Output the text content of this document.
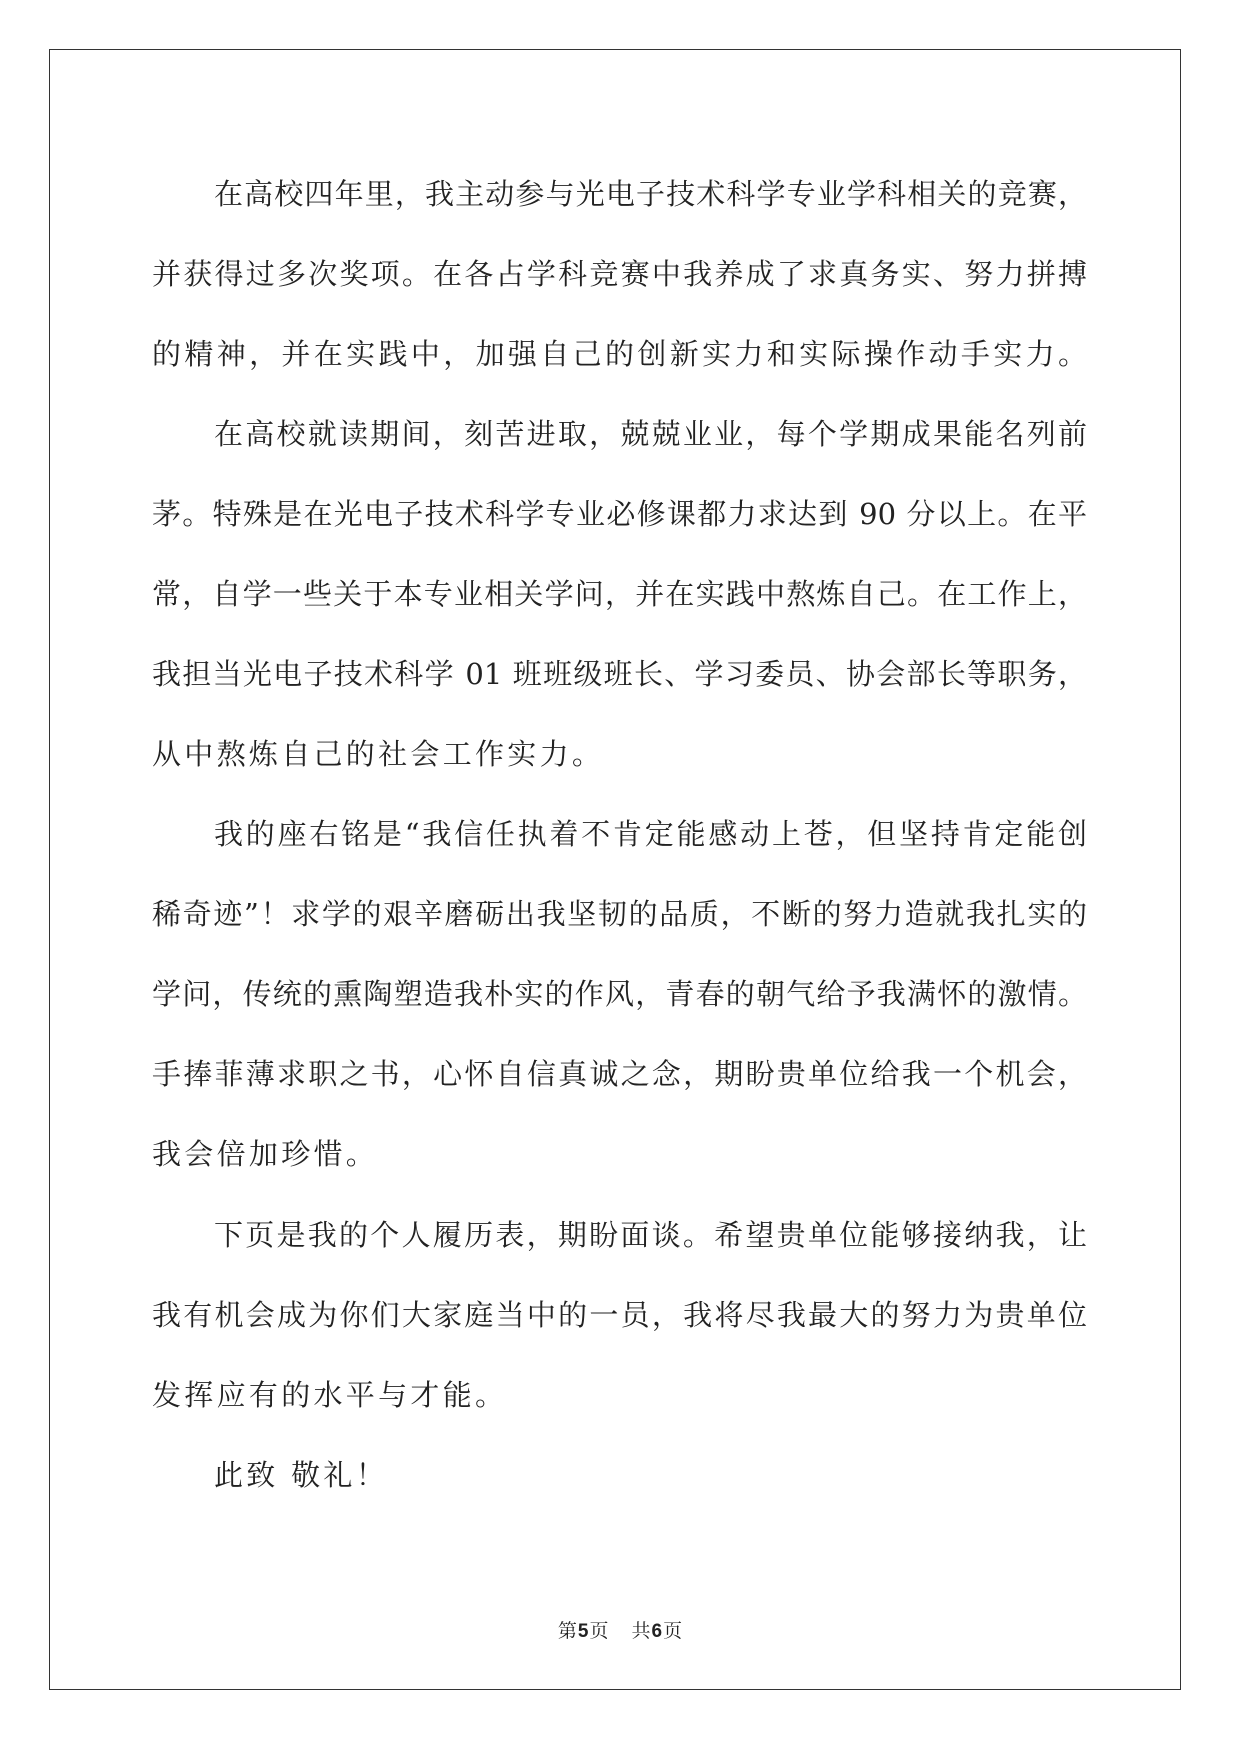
在高校四年里，我主动参与光电子技术科学专业学科相关的竞赛，
并获得过多次奖项。在各占学科竞赛中我养成了求真务实、努力拼搏
的精神，并在实践中，加强自己的创新实力和实际操作动手实力。
在高校就读期间，刻苦进取，兢兢业业，每个学期成果能名列前
茅。特殊是在光电子技术科学专业必修课都力求达到 90 分以上。在平
常，自学一些关于本专业相关学问，并在实践中熬炼自己。在工作上，
我担当光电子技术科学 01 班班级班长、学习委员、协会部长等职务，
从中熬炼自己的社会工作实力。
我的座右铭是“我信任执着不肯定能感动上苍，但坚持肯定能创
稀奇迹”！求学的艰辛磨砺出我坚韧的品质，不断的努力造就我扎实的
学问，传统的熏陶塑造我朴实的作风，青春的朝气给予我满怀的激情。
手捧菲薄求职之书，心怀自信真诚之念，期盼贵单位给我一个机会，
我会倍加珍惜。
下页是我的个人履历表，期盼面谈。希望贵单位能够接纳我，让
我有机会成为你们大家庭当中的一员，我将尽我最大的努力为贵单位
发挥应有的水平与才能。
此致 敬礼！
第5页 共6页
